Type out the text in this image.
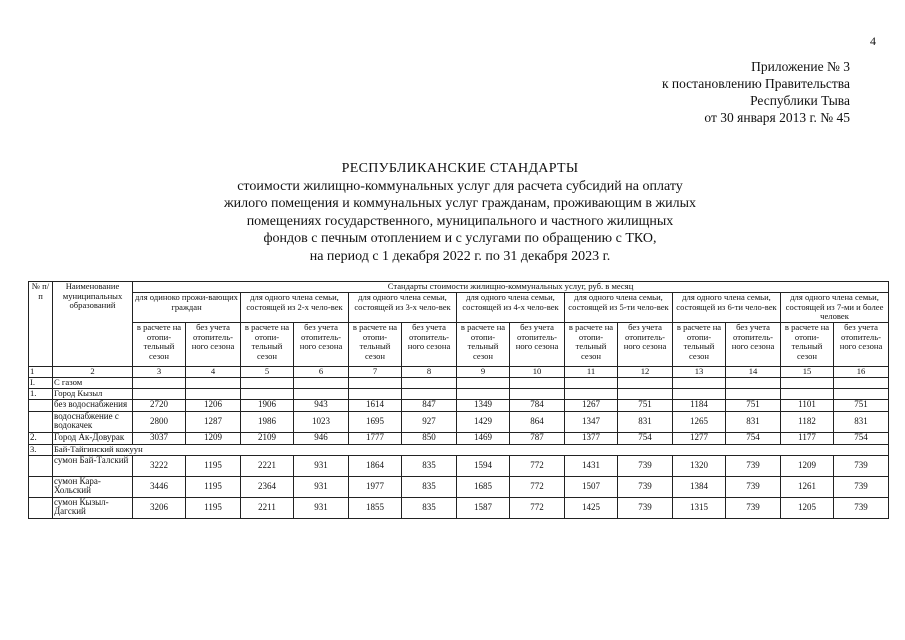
4
Приложение № 3
к постановлению Правительства
Республики Тыва
от 30 января 2013 г. № 45
РЕСПУБЛИКАНСКИЕ СТАНДАРТЫ
стоимости жилищно-коммунальных услуг для расчета субсидий на оплату
жилого помещения и коммунальных услуг гражданам, проживающим в жилых
помещениях государственного, муниципального и частного жилищных
фондов с печным отоплением и с услугами по обращению с ТКО,
на период с 1 декабря 2022 г. по 31 декабря 2023 г.
№ п/п	Наименование муниципальных образований	Стандарты стоимости жилищно-коммунальных услуг, руб. в месяц													
		для одиноко прожи-вающих граждан		для одного члена семьи, состоящей из 2-х чело-век		для одного члена семьи, состоящей из 3-х чело-век		для одного члена семьи, состоящей из 4-х чело-век		для одного члена семьи, состоящей из 5-ти чело-век		для одного члена семьи, состоящей из 6-ти чело-век		для одного члена семьи, состоящей из 7-ми и более человек	
		в расчете на отопи-тельный сезон	без учета отопитель-ного сезона	в расчете на отопи-тельный сезон	без учета отопитель-ного сезона	в расчете на отопи-тельный сезон	без учета отопитель-ного сезона	в расчете на отопи-тельный сезон	без учета отопитель-ного сезона	в расчете на отопи-тельный сезон	без учета отопитель-ного сезона	в расчете на отопи-тельный сезон	без учета отопитель-ного сезона	в расчете на отопи-тельный сезон	без учета отопитель-ного сезона
1	2	3	4	5	6	7	8	9	10	11	12	13	14	15	16
I.	С газом														
1.	Город Кызыл														
	без водоснабжения	2720	1206	1906	943	1614	847	1349	784	1267	751	1184	751	1101	751
	водоснабжение с водокачек	2800	1287	1986	1023	1695	927	1429	864	1347	831	1265	831	1182	831
2.	Город Ак-Довурак	3037	1209	2109	946	1777	850	1469	787	1377	754	1277	754	1177	754
3.	Бай-Тайгинский кожуун														
	сумон Бай-Талский	3222	1195	2221	931	1864	835	1594	772	1431	739	1320	739	1209	739
	сумон Кара-Хольский	3446	1195	2364	931	1977	835	1685	772	1507	739	1384	739	1261	739
	сумон Кызыл-Дагский	3206	1195	2211	931	1855	835	1587	772	1425	739	1315	739	1205	739
